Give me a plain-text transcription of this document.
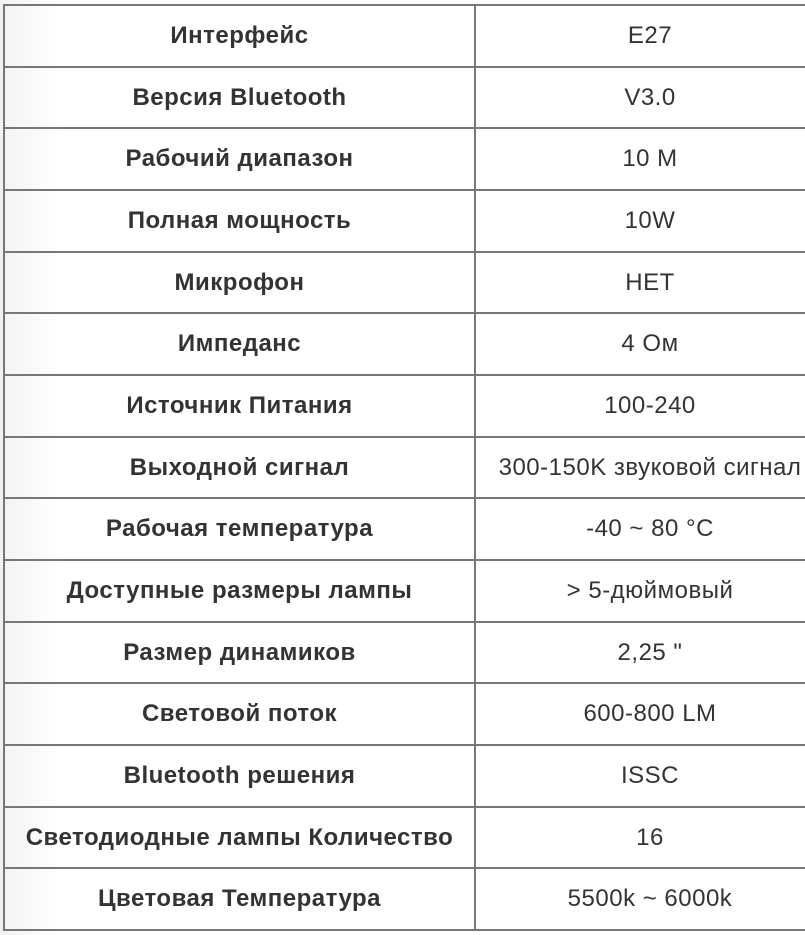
Интерфейс	E27
Версия Bluetooth	V3.0
Рабочий диапазон	10 M
Полная мощность	10W
Микрофон	НЕТ
Импеданс	4 Ом
Источник Питания	100-240
Выходной сигнал	300-150K звуковой сигнал
Рабочая температура	-40 ~ 80 °C
Доступные размеры лампы	> 5-дюймовый
Размер динамиков	2,25 "
Световой поток	600-800 LM
Bluetooth решения	ISSC
Светодиодные лампы Количество	16
Цветовая Температура	5500k ~ 6000k
